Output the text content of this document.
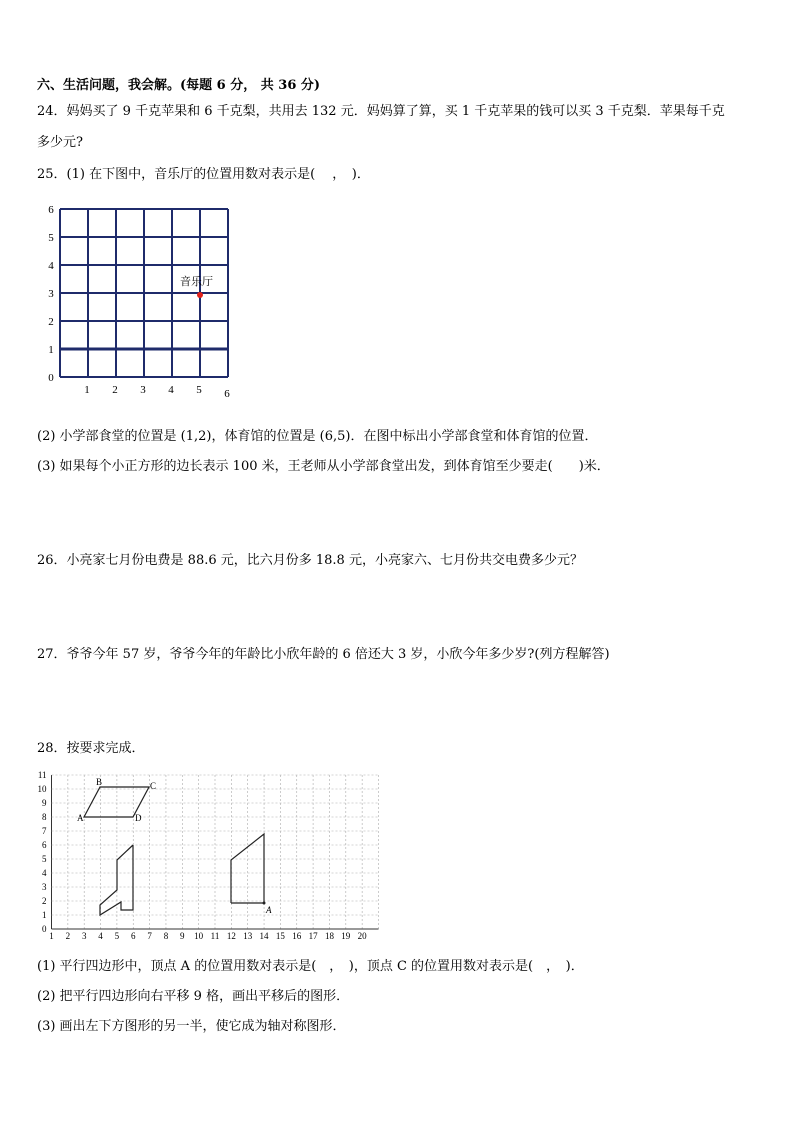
六、生活问题，我会解。(每题 6 分， 共 36 分)
24．妈妈买了 9 千克苹果和 6 千克梨，共用去 132 元．妈妈算了算，买 1 千克苹果的钱可以买 3 千克梨．苹果每千克
多少元?
25．(1) 在下图中，音乐厅的位置用数对表示是(　 ，　)．
0
1
2
3
4
5
6
1 2 3 4 5 6
音乐厅
(2) 小学部食堂的位置是 (1,2)，体育馆的位置是 (6,5)．在图中标出小学部食堂和体育馆的位置．
(3) 如果每个小正方形的边长表示 100 米，王老师从小学部食堂出发，到体育馆至少要走(　　)米．
26．小亮家七月份电费是 88.6 元，比六月份多 18.8 元，小亮家六、七月份共交电费多少元？
27．爷爷今年 57 岁，爷爷今年的年龄比小欣年龄的 6 倍还大 3 岁，小欣今年多少岁?(列方程解答)
28．按要求完成．
0
1
2
3
4
5
6
7
8
9
10
11
1 2 3 4 5 6 7 8 9 10 11 12 13 14 15 16 17 18 19 20
A
B	C
D
A
(1) 平行四边形中，顶点 A 的位置用数对表示是(　，　)，顶点 C 的位置用数对表示是(　，　)．
(2) 把平行四边形向右平移 9 格，画出平移后的图形．
(3) 画出左下方图形的另一半，使它成为轴对称图形．
